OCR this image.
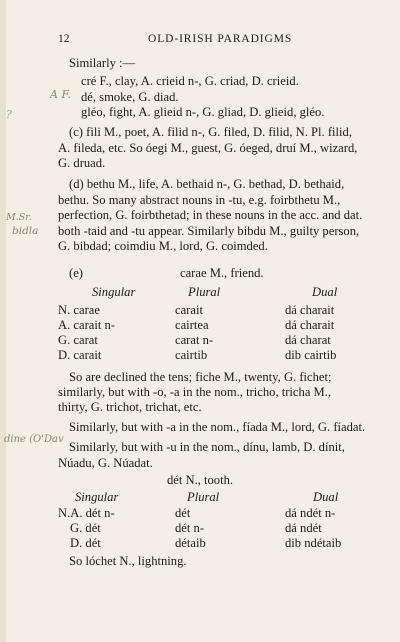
12	OLD-IRISH PARADIGMS
Similarly :—
cré F., clay, A. crieid n-, G. criad, D. crieid.
dé, smoke, G. diad.
gléo, fight, A. glieid n-, G. gliad, D. glieid, gléo.
(c) fili M., poet, A. filid n-, G. filed, D. filid, N. Pl. filid,
A. fileda, etc. So óegi M., guest, G. óeged, druí M., wizard,
G. druad.
(d) bethu M., life, A. bethaid n-, G. bethad, D. bethaid,
bethu. So many abstract nouns in -tu, e.g. foirbthetu M.,
perfection, G. foirbthetad; in these nouns in the acc. and dat.
both -taid and -tu appear. Similarly bibdu M., guilty person,
G. bibdad; coimdiu M., lord, G. coimded.
(e)	carae M., friend.
Singular	Plural	Dual
N. carae	carait	dá charait
A. carait n-	cairtea	dá charait
G. carat	carat n-	dá charat
D. carait	cairtib	dib cairtib
So are declined the tens; fiche M., twenty, G. fichet;
similarly, but with -o, -a in the nom., tricho, tricha M.,
thirty, G. trichot, trichat, etc.
Similarly, but with -a in the nom., fíada M., lord, G. fíadat.
Similarly, but with -u in the nom., dínu, lamb, D. dínit,
Núadu, G. Núadat.
dét N., tooth.
Singular	Plural	Dual
N.A. dét n-	dét	dá ndét n-
G. dét	dét n-	dá ndét
D. dét	détaib	dib ndétaib
So lóchet N., lightning.
A F.
?
M.Sr.
bidla
dine (O'Dav
